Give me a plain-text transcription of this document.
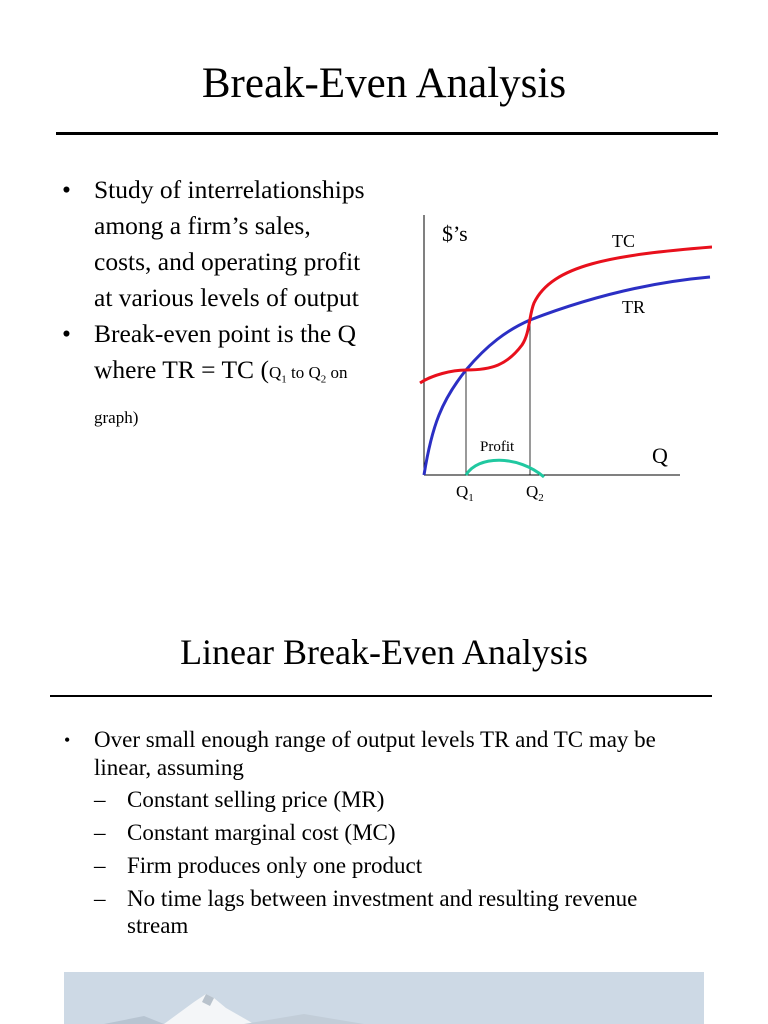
Break-Even Analysis
• Study of interrelationships among a firm’s sales, costs, and operating profit at various levels of output
• Break-even point is the Q where TR = TC ($Q_1$ to $Q_2$ on graph)
$’s
Q
TC
TR
Profit
$Q_1$	$Q_2$
Linear Break-Even Analysis
• Over small enough range of output levels TR and TC may be linear, assuming
– Constant selling price (MR)
– Constant marginal cost (MC)
– Firm produces only one product
– No time lags between investment and resulting revenue stream
